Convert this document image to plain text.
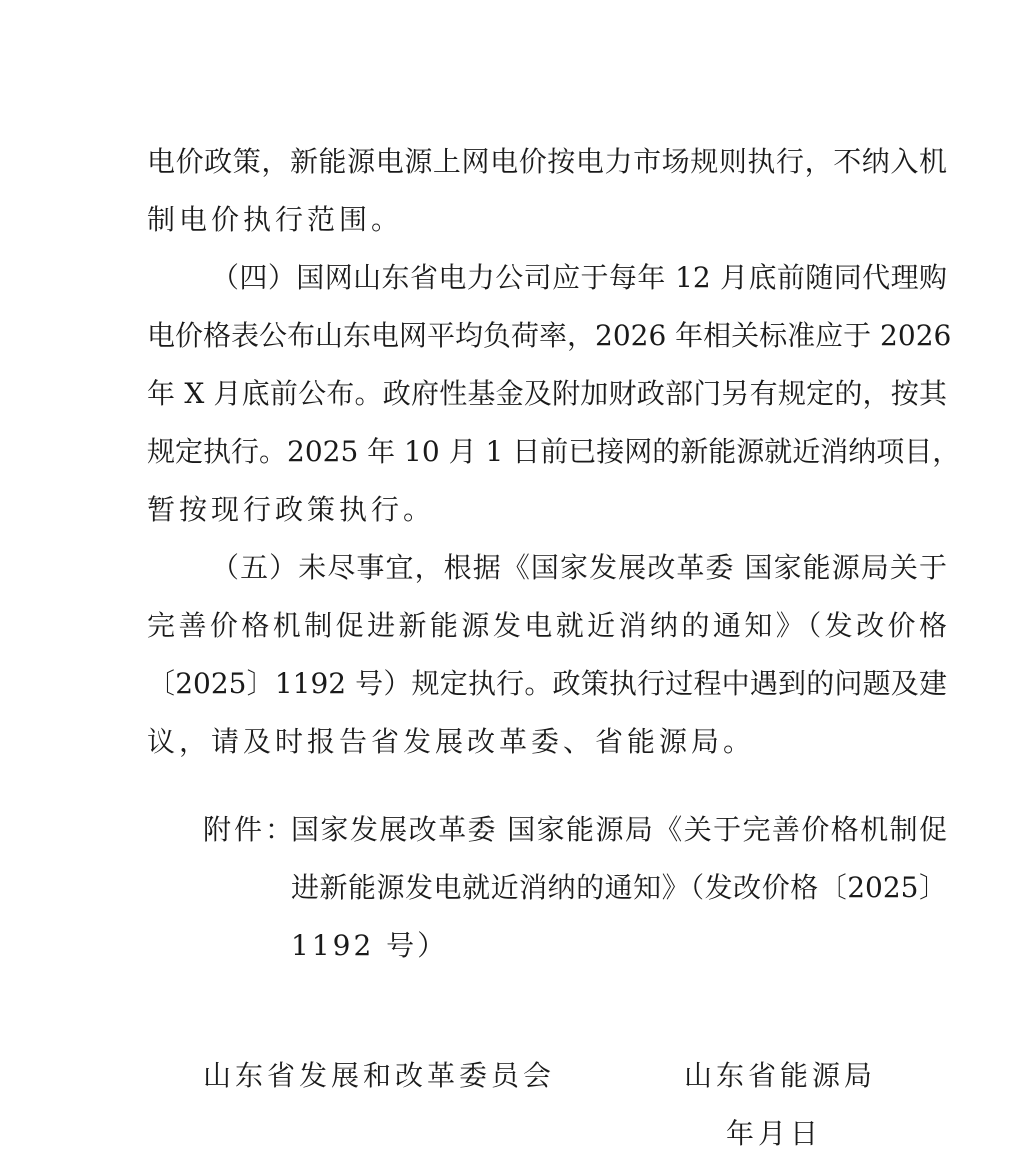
电价政策，新能源电源上网电价按电力市场规则执行，不纳入机
制电价执行范围。
（四）国网山东省电力公司应于每年 12 月底前随同代理购
电价格表公布山东电网平均负荷率，2026 年相关标准应于 2026
年 X 月底前公布。政府性基金及附加财政部门另有规定的，按其
规定执行。2025 年 10 月 1 日前已接网的新能源就近消纳项目，
暂按现行政策执行。
（五）未尽事宜，根据《国家发展改革委 国家能源局关于
完善价格机制促进新能源发电就近消纳的通知》（发改价格
〔2025〕1192 号）规定执行。政策执行过程中遇到的问题及建
议，请及时报告省发展改革委、省能源局。
附件：
国家发展改革委 国家能源局《关于完善价格机制促
进新能源发电就近消纳的通知》（发改价格〔2025〕
1192 号）
山东省发展和改革委员会	山东省能源局
年月日
